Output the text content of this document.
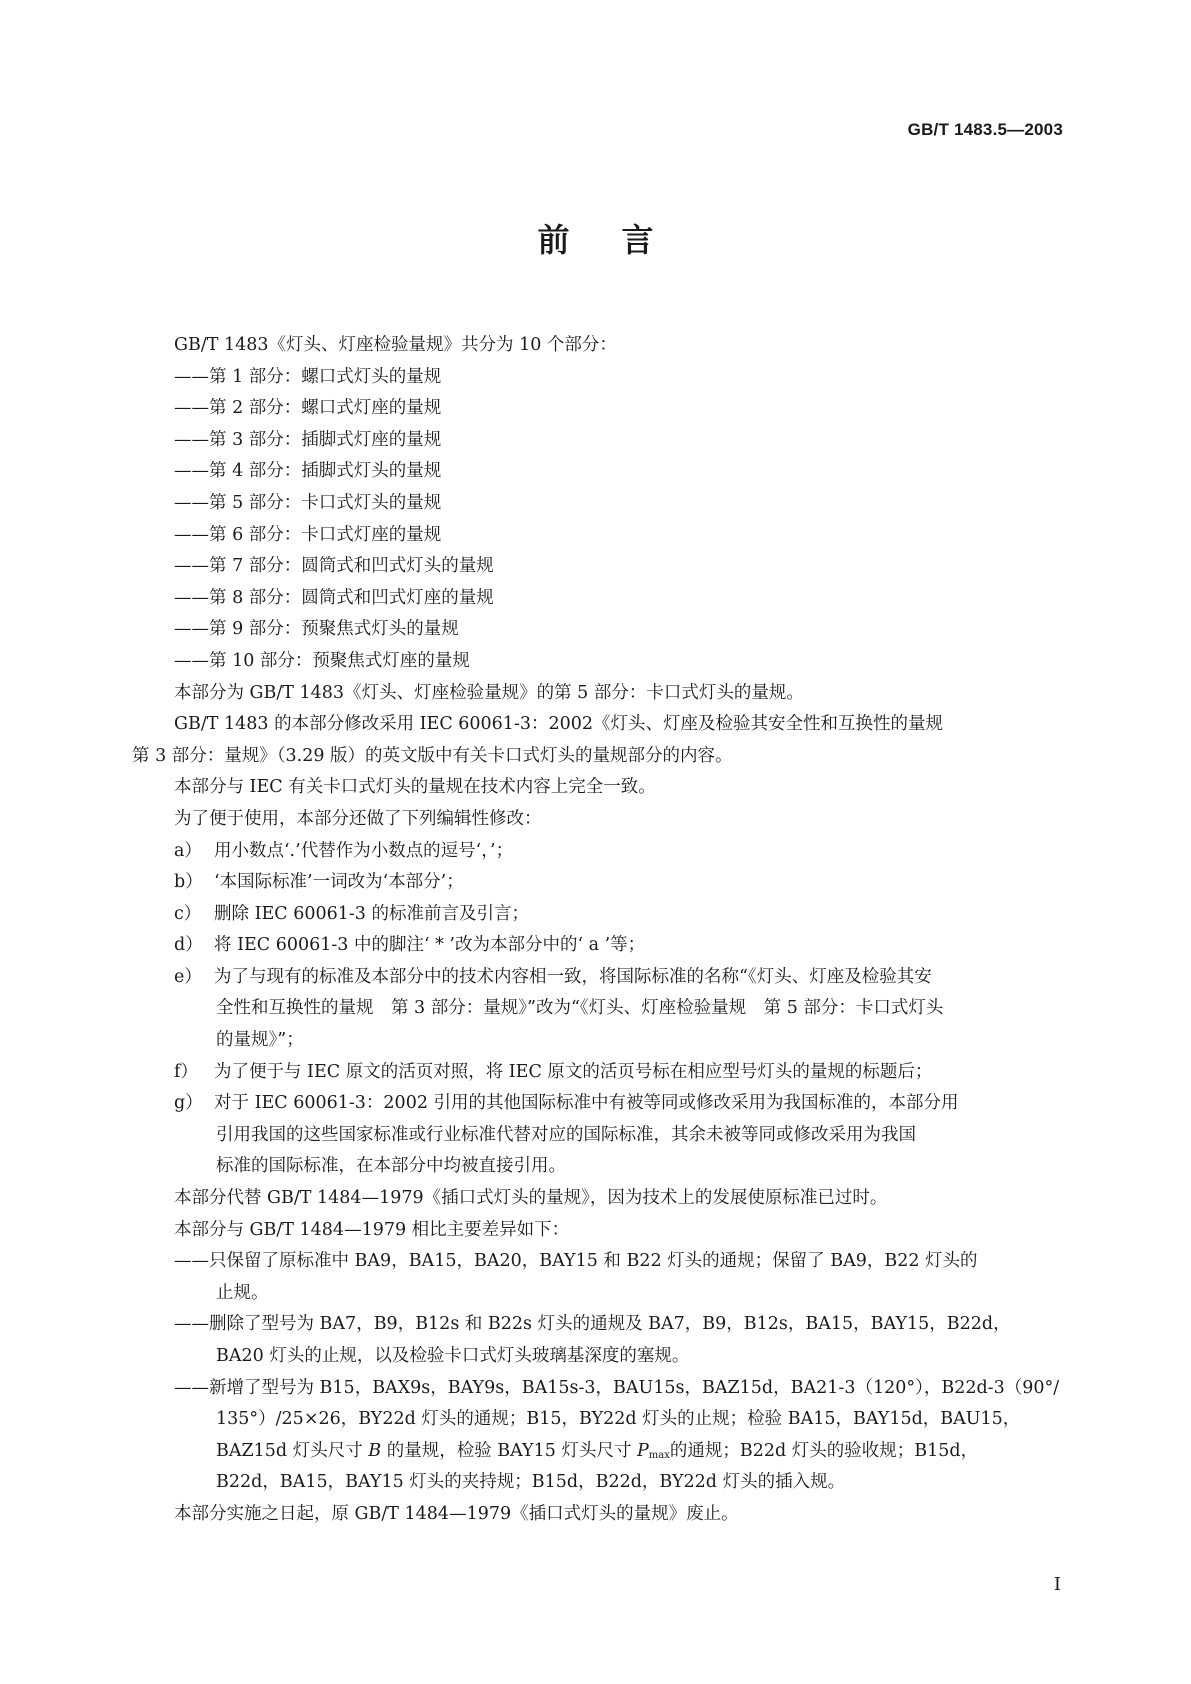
GB/T 1483.5—2003
前言
GB/T 1483《灯头、灯座检验量规》共分为 10 个部分：
——第 1 部分：螺口式灯头的量规
——第 2 部分：螺口式灯座的量规
——第 3 部分：插脚式灯座的量规
——第 4 部分：插脚式灯头的量规
——第 5 部分：卡口式灯头的量规
——第 6 部分：卡口式灯座的量规
——第 7 部分：圆筒式和凹式灯头的量规
——第 8 部分：圆筒式和凹式灯座的量规
——第 9 部分：预聚焦式灯头的量规
——第 10 部分：预聚焦式灯座的量规
本部分为 GB/T 1483《灯头、灯座检验量规》的第 5 部分：卡口式灯头的量规。
GB/T 1483 的本部分修改采用 IEC 60061-3：2002《灯头、灯座及检验其安全性和互换性的量规
第 3 部分：量规》（3.29 版）的英文版中有关卡口式灯头的量规部分的内容。
本部分与 IEC 有关卡口式灯头的量规在技术内容上完全一致。
为了便于使用，本部分还做了下列编辑性修改：
a） 用小数点‘.’代替作为小数点的逗号‘，’；
b） ‘本国际标准’一词改为‘本部分’；
c） 删除 IEC 60061-3 的标准前言及引言；
d） 将 IEC 60061-3 中的脚注‘ * ’改为本部分中的‘ a ’等；
e） 为了与现有的标准及本部分中的技术内容相一致，将国际标准的名称“《灯头、灯座及检验其安
全性和互换性的量规　第 3 部分：量规》”改为“《灯头、灯座检验量规　第 5 部分：卡口式灯头
的量规》”；
f） 为了便于与 IEC 原文的活页对照，将 IEC 原文的活页号标在相应型号灯头的量规的标题后；
g） 对于 IEC 60061-3：2002 引用的其他国际标准中有被等同或修改采用为我国标准的，本部分用
引用我国的这些国家标准或行业标准代替对应的国际标准，其余未被等同或修改采用为我国
标准的国际标准，在本部分中均被直接引用。
本部分代替 GB/T 1484—1979《插口式灯头的量规》，因为技术上的发展使原标准已过时。
本部分与 GB/T 1484—1979 相比主要差异如下：
——只保留了原标准中 BA9，BA15，BA20，BAY15 和 B22 灯头的通规；保留了 BA9，B22 灯头的
止规。
——删除了型号为 BA7，B9，B12s 和 B22s 灯头的通规及 BA7，B9，B12s，BA15，BAY15，B22d，
BA20 灯头的止规，以及检验卡口式灯头玻璃基深度的塞规。
——新增了型号为 B15，BAX9s，BAY9s，BA15s-3，BAU15s，BAZ15d，BA21-3（120°），B22d-3（90°/
135°）/25×26，BY22d 灯头的通规；B15，BY22d 灯头的止规；检验 BA15，BAY15d，BAU15，
BAZ15d 灯头尺寸 B 的量规，检验 BAY15 灯头尺寸 $P_{max}$的通规；B22d 灯头的验收规；B15d，
B22d，BA15，BAY15 灯头的夹持规；B15d，B22d，BY22d 灯头的插入规。
本部分实施之日起，原 GB/T 1484—1979《插口式灯头的量规》废止。
I
